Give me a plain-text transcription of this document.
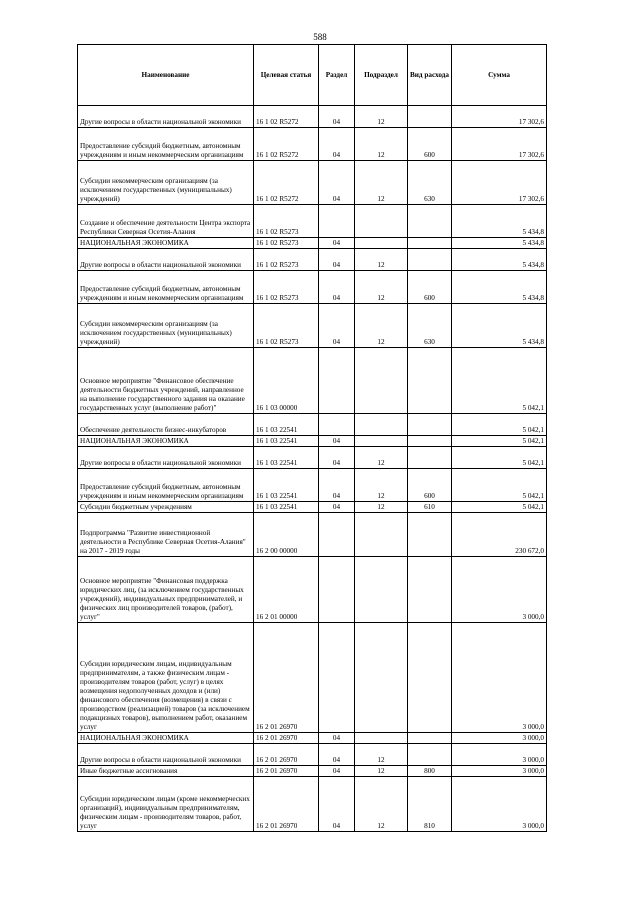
588
Наименование	Целевая статья	Раздел	Подраздел	Вид расхода	Сумма
Другие вопросы в области национальной экономики	16 1 02 R5272	04	12		17 302,6
Предоставление субсидий бюджетным, автономным учреждениям и иным некоммерческим организациям	16 1 02 R5272	04	12	600	17 302,6
Субсидии некоммерческим организациям (за исключением государственных (муниципальных) учреждений)	16 1 02 R5272	04	12	630	17 302,6
Создание и обеспечение деятельности Центра экспорта Республики Северная Осетия-Алания	16 1 02 R5273				5 434,8
НАЦИОНАЛЬНАЯ ЭКОНОМИКА	16 1 02 R5273	04			5 434,8
Другие вопросы в области национальной экономики	16 1 02 R5273	04	12		5 434,8
Предоставление субсидий бюджетным, автономным учреждениям и иным некоммерческим организациям	16 1 02 R5273	04	12	600	5 434,8
Субсидии некоммерческим организациям (за исключением государственных (муниципальных) учреждений)	16 1 02 R5273	04	12	630	5 434,8
Основное мероприятие "Финансовое обеспечение деятельности бюджетных учреждений, направленное на выполнение государственного задания на оказание государственных услуг (выполнение работ)"	16 1 03 00000				5 042,1
Обеспечение деятельности бизнес-инкубаторов	16 1 03 22541				5 042,1
НАЦИОНАЛЬНАЯ ЭКОНОМИКА	16 1 03 22541	04			5 042,1
Другие вопросы в области национальной экономики	16 1 03 22541	04	12		5 042,1
Предоставление субсидий бюджетным, автономным учреждениям и иным некоммерческим организациям	16 1 03 22541	04	12	600	5 042,1
Субсидии бюджетным учреждениям	16 1 03 22541	04	12	610	5 042,1
Подпрограмма "Развитие инвестиционной деятельности в Республике Северная Осетия-Алания" на 2017 - 2019 годы	16 2 00 00000				230 672,0
Основное мероприятие "Финансовая поддержка юридических лиц, (за исключением государственных учреждений), индивидуальных предпринимателей, и физических лиц производителей товаров, (работ), услуг"	16 2 01 00000				3 000,0
Субсидии юридическим лицам, индивидуальным предпринимателям, а также физическим лицам - производителям товаров (работ, услуг) в целях возмещения недополученных доходов и (или) финансового обеспечения (возмещения) в связи с производством (реализацией) товаров (за исключением подакцизных товаров), выполнением работ, оказанием услуг	16 2 01 26970				3 000,0
НАЦИОНАЛЬНАЯ ЭКОНОМИКА	16 2 01 26970	04			3 000,0
Другие вопросы в области национальной экономики	16 2 01 26970	04	12		3 000,0
Иные бюджетные ассигнования	16 2 01 26970	04	12	800	3 000,0
Субсидии юридическим лицам (кроме некоммерческих организаций), индивидуальным предпринимателям, физическим лицам - производителям товаров, работ, услуг	16 2 01 26970	04	12	810	3 000,0
